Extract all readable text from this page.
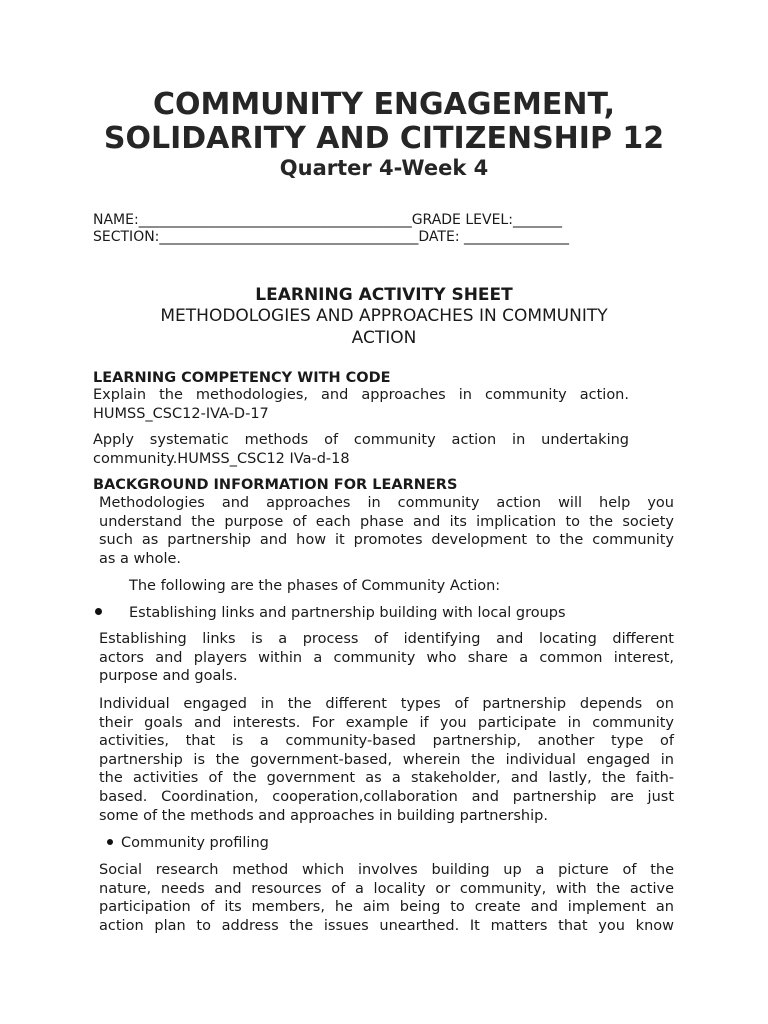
COMMUNITY ENGAGEMENT,
SOLIDARITY AND CITIZENSHIP 12
Quarter 4-Week 4
NAME:_______________________________________GRADE LEVEL:_______
SECTION:_____________________________________DATE: _______________
LEARNING ACTIVITY SHEET
METHODOLOGIES AND APPROACHES IN COMMUNITY
ACTION
LEARNING COMPETENCY WITH CODE
Explain the methodologies, and approaches in community action.
HUMSS_CSC12-IVA-D-17
Apply systematic methods of community action in undertaking
community.HUMSS_CSC12 IVa-d-18
BACKGROUND INFORMATION FOR LEARNERS
Methodologies and approaches in community action will help you
understand the purpose of each phase and its implication to the society
such as partnership and how it promotes development to the community
as a whole.
The following are the phases of Community Action:
Establishing links and partnership building with local groups
Establishing links is a process of identifying and locating different
actors and players within a community who share a common interest,
purpose and goals.
Individual engaged in the different types of partnership depends on
their goals and interests. For example if you participate in community
activities, that is a community-based partnership, another type of
partnership is the government-based, wherein the individual engaged in
the activities of the government as a stakeholder, and lastly, the faith-
based. Coordination, cooperation,collaboration and partnership are just
some of the methods and approaches in building partnership.
Community profiling
Social research method which involves building up a picture of the
nature, needs and resources of a locality or community, with the active
participation of its members, he aim being to create and implement an
action plan to address the issues unearthed. It matters that you know
